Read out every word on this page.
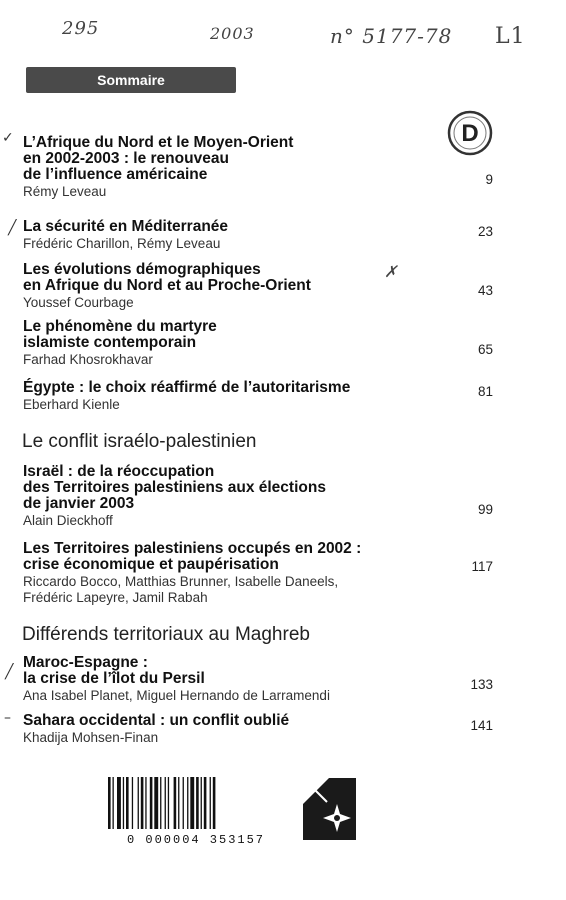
295	2003	n° 5177-78 L1
✗
Sommaire
D
✓
╱
╱
–
L’Afrique du Nord et le Moyen-Orient
en 2002-2003 : le renouveau
de l’influence américaine
Rémy Leveau
9
La sécurité en Méditerranée
Frédéric Charillon, Rémy Leveau
23
Les évolutions démographiques
en Afrique du Nord et au Proche-Orient
Youssef Courbage
43
Le phénomène du martyre
islamiste contemporain
Farhad Khosrokhavar
65
Égypte : le choix réaffirmé de l’autoritarisme
Eberhard Kienle
81
Le conflit israélo-palestinien
Israël : de la réoccupation
des Territoires palestiniens aux élections
de janvier 2003
Alain Dieckhoff
99
Les Territoires palestiniens occupés en 2002 :
crise économique et paupérisation
Riccardo Bocco, Matthias Brunner, Isabelle Daneels,
Frédéric Lapeyre, Jamil Rabah
117
Différends territoriaux au Maghreb
Maroc-Espagne :
la crise de l’îlot du Persil
Ana Isabel Planet, Miguel Hernando de Larramendi
133
Sahara occidental : un conflit oublié
Khadija Mohsen-Finan
141
0 000004 353157
